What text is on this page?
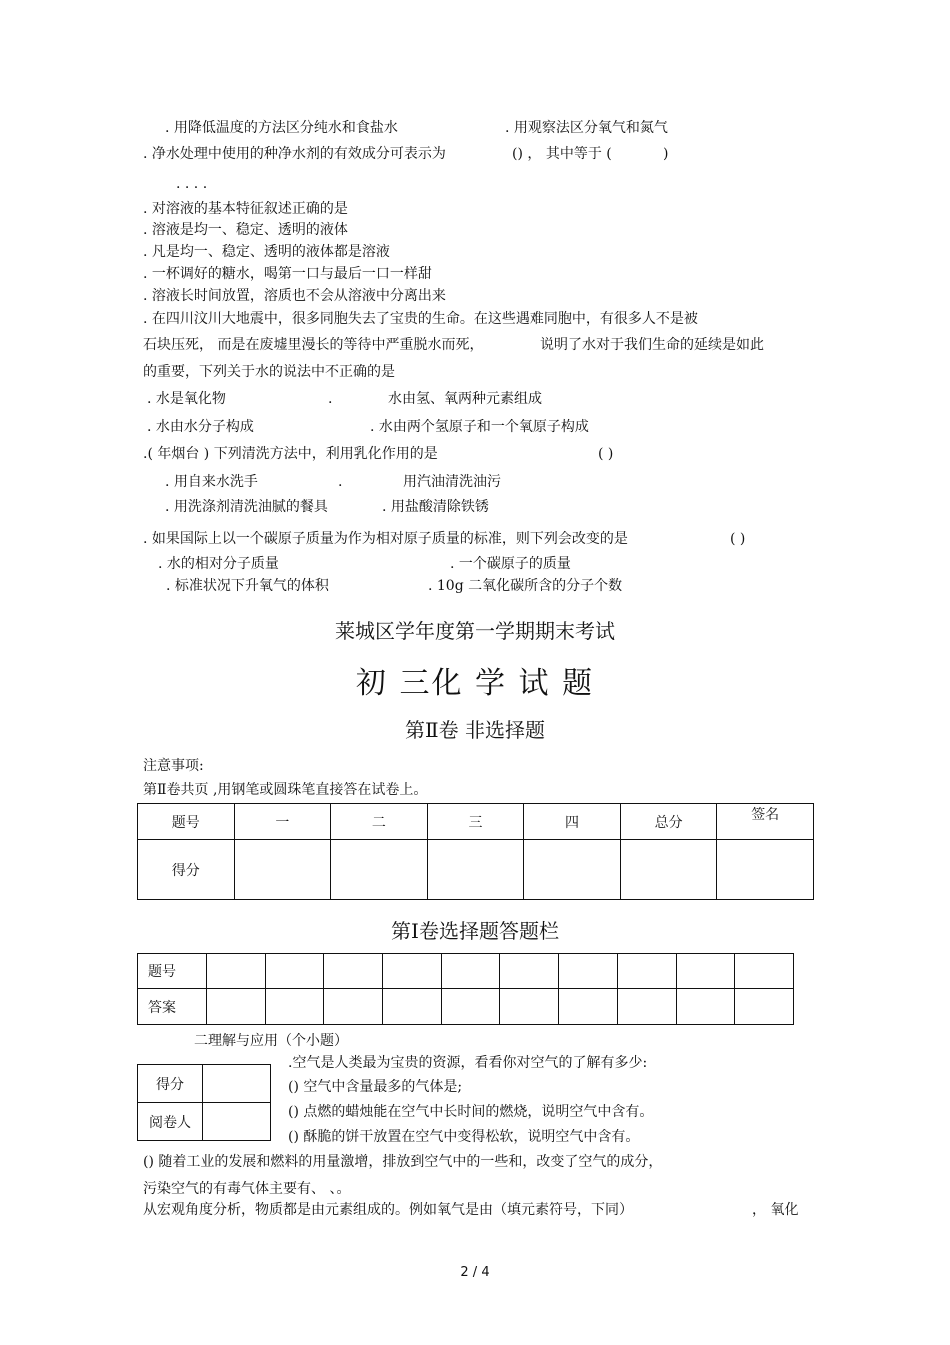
. 用降低温度的方法区分纯水和食盐水	. 用观察法区分氧气和氮气
. 净水处理中使用的种净水剂的有效成分可表示为	() ， 其中等于 (	)
. . . .
. 对溶液的基本特征叙述正确的是
. 溶液是均一、稳定、透明的液体
. 凡是均一、稳定、透明的液体都是溶液
. 一杯调好的糖水，喝第一口与最后一口一样甜
. 溶液长时间放置，溶质也不会从溶液中分离出来
. 在四川汶川大地震中，很多同胞失去了宝贵的生命。在这些遇难同胞中，有很多人不是被
石块压死， 而是在废墟里漫长的等待中严重脱水而死，	说明了水对于我们生命的延续是如此
的重要，下列关于水的说法中不正确的是
. 水是氧化物	.	水由氢、氧两种元素组成
. 水由水分子构成	. 水由两个氢原子和一个氧原子构成
.( 年烟台 ) 下列清洗方法中，利用乳化作用的是	( )
. 用自来水洗手	.	用汽油清洗油污
. 用洗涤剂清洗油腻的餐具	. 用盐酸清除铁锈
. 如果国际上以一个碳原子质量为作为相对原子质量的标准，则下列会改变的是	( )
. 水的相对分子质量	. 一个碳原子的质量
. 标准状况下升氧气的体积	. 10g 二氧化碳所含的分子个数
莱城区学年度第一学期期末考试
初 三化 学 试 题
第Ⅱ卷 非选择题
注意事项:
第Ⅱ卷共页 ,用钢笔或圆珠笔直接答在试卷上。
题号	一	二	三	四	总分	签名
得分						
第Ⅰ卷选择题答题栏
题号										
答案										
二理解与应用（个小题）
得分	
阅卷人	
.空气是人类最为宝贵的资源，看看你对空气的了解有多少:
() 空气中含量最多的气体是;
() 点燃的蜡烛能在空气中长时间的燃烧，说明空气中含有。
() 酥脆的饼干放置在空气中变得松软，说明空气中含有。
() 随着工业的发展和燃料的用量激增，排放到空气中的一些和，改变了空气的成分，
污染空气的有毒气体主要有、 、。
从宏观角度分析，物质都是由元素组成的。例如氧气是由（填元素符号，下同）	， 氧化
2 / 4
